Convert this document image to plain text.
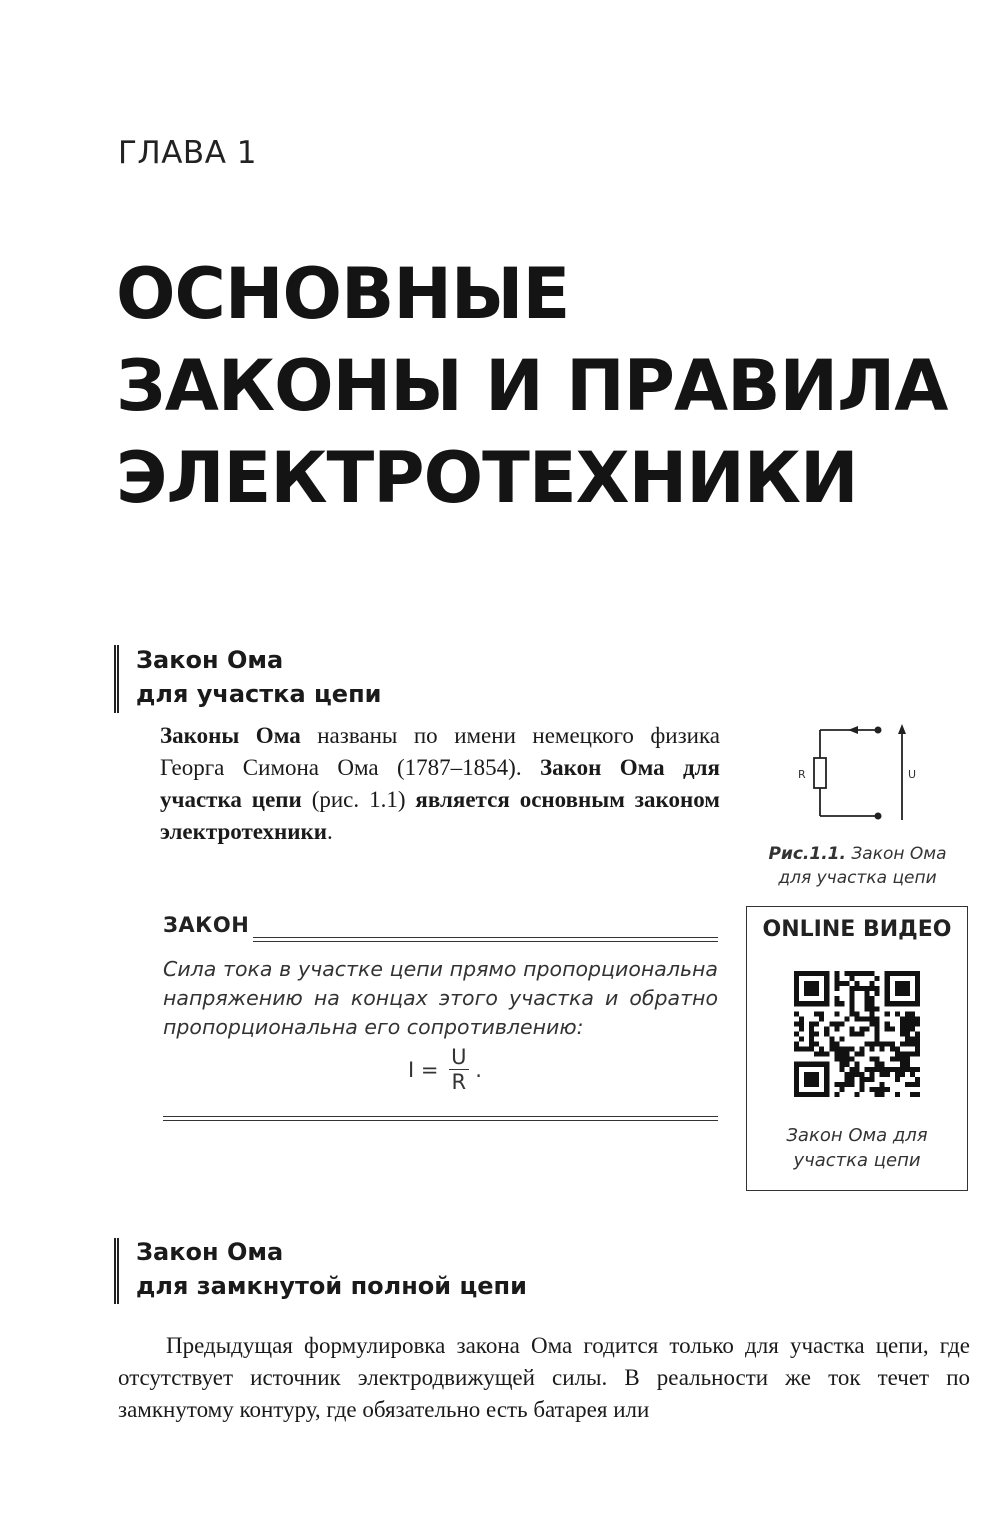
ГЛАВА 1
ОСНОВНЫЕ
ЗАКОНЫ И ПРАВИЛА
ЭЛЕКТРОТЕХНИКИ
Закон Ома
для участка цепи
Законы Ома названы по имени немецкого физика Георга Симона Ома (1787–1854). Закон Ома для участка цепи (рис. 1.1) является основным законом электротехники.
R	U
Рис.1.1. Закон Ома для участка цепи
ЗАКОН
Сила тока в участке цепи прямо пропорциональна напряжению на концах этого участка и обратно пропорциональна его сопротивлению:
$I = \frac{U}{R}$ .
ONLINE ВИДЕО
Закон Ома для участка цепи
Закон Ома
для замкнутой полной цепи
Предыдущая формулировка закона Ома годится только для участка цепи, где отсутствует источник электродвижущей силы. В реальности же ток течет по замкнутому контуру, где обязательно есть батарея или
